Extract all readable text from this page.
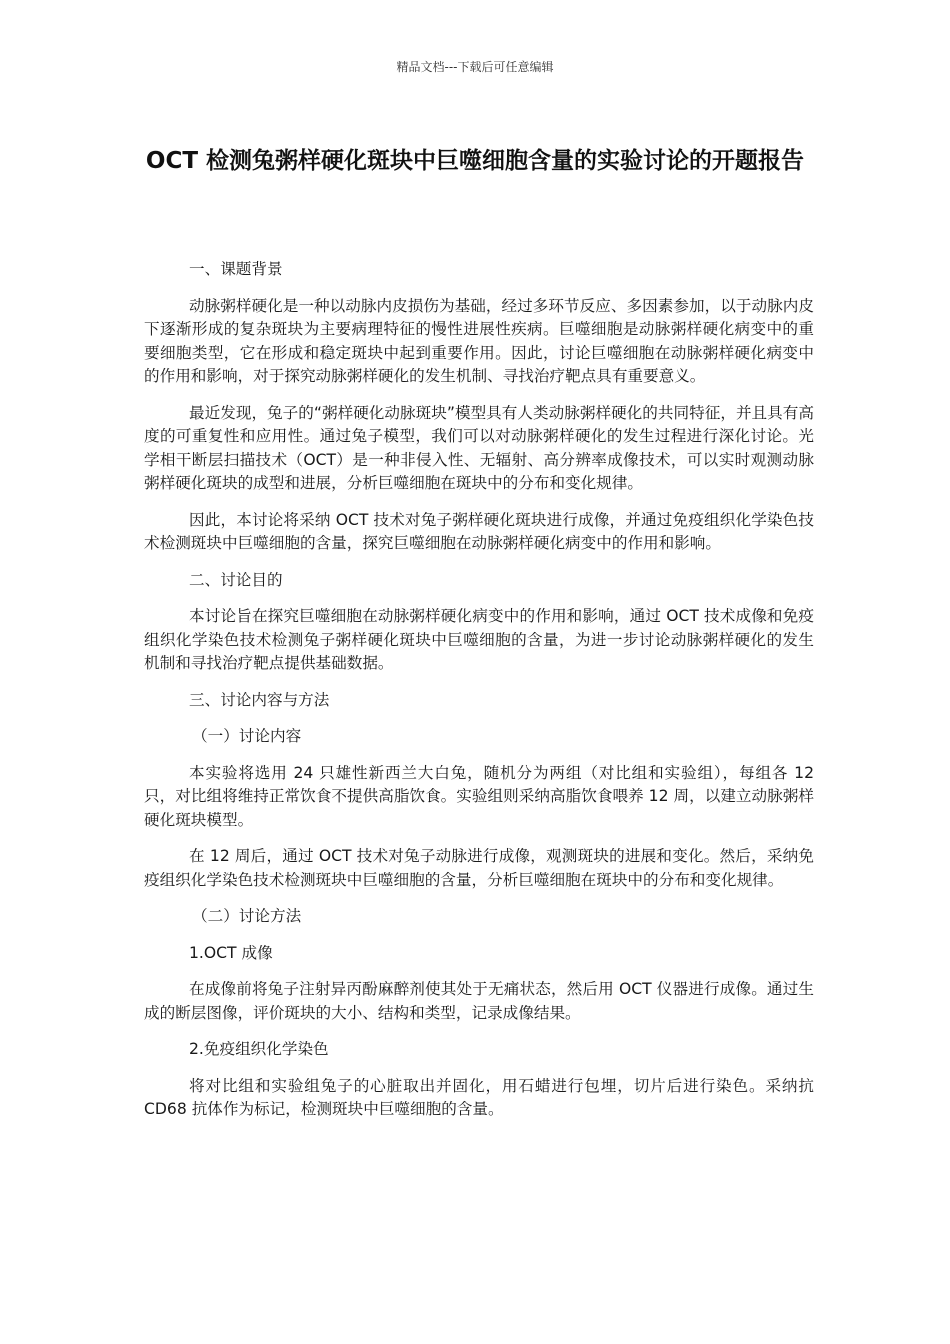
精品文档---下载后可任意编辑
OCT 检测兔粥样硬化斑块中巨噬细胞含量的实验讨论的开题报告

一、课题背景

动脉粥样硬化是一种以动脉内皮损伤为基础，经过多环节反应、多因素参加，以于动脉内皮下逐渐形成的复杂斑块为主要病理特征的慢性进展性疾病。巨噬细胞是动脉粥样硬化病变中的重要细胞类型，它在形成和稳定斑块中起到重要作用。因此，讨论巨噬细胞在动脉粥样硬化病变中的作用和影响，对于探究动脉粥样硬化的发生机制、寻找治疗靶点具有重要意义。

最近发现，兔子的“粥样硬化动脉斑块”模型具有人类动脉粥样硬化的共同特征，并且具有高度的可重复性和应用性。通过兔子模型，我们可以对动脉粥样硬化的发生过程进行深化讨论。光学相干断层扫描技术（OCT）是一种非侵入性、无辐射、高分辨率成像技术，可以实时观测动脉粥样硬化斑块的成型和进展，分析巨噬细胞在斑块中的分布和变化规律。

因此，本讨论将采纳 OCT 技术对兔子粥样硬化斑块进行成像，并通过免疫组织化学染色技术检测斑块中巨噬细胞的含量，探究巨噬细胞在动脉粥样硬化病变中的作用和影响。

二、讨论目的

本讨论旨在探究巨噬细胞在动脉粥样硬化病变中的作用和影响，通过 OCT 技术成像和免疫组织化学染色技术检测兔子粥样硬化斑块中巨噬细胞的含量，为进一步讨论动脉粥样硬化的发生机制和寻找治疗靶点提供基础数据。

三、讨论内容与方法

（一）讨论内容

本实验将选用 24 只雄性新西兰大白兔，随机分为两组（对比组和实验组），每组各 12 只，对比组将维持正常饮食不提供高脂饮食。实验组则采纳高脂饮食喂养 12 周，以建立动脉粥样硬化斑块模型。

在 12 周后，通过 OCT 技术对兔子动脉进行成像，观测斑块的进展和变化。然后，采纳免疫组织化学染色技术检测斑块中巨噬细胞的含量，分析巨噬细胞在斑块中的分布和变化规律。

（二）讨论方法

1.OCT 成像

在成像前将兔子注射异丙酚麻醉剂使其处于无痛状态，然后用 OCT 仪器进行成像。通过生成的断层图像，评价斑块的大小、结构和类型，记录成像结果。

2.免疫组织化学染色

将对比组和实验组兔子的心脏取出并固化，用石蜡进行包埋，切片后进行染色。采纳抗 CD68 抗体作为标记，检测斑块中巨噬细胞的含量。
